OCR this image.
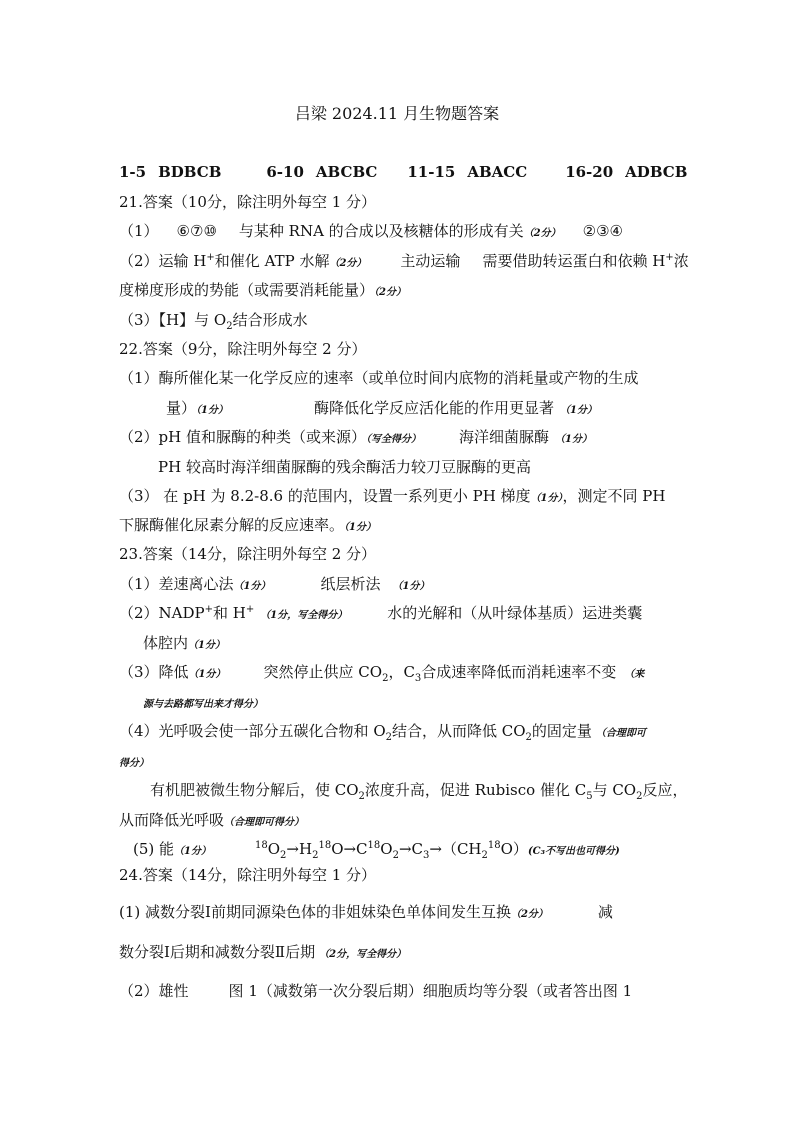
吕梁 2024.11 月生物题答案
1-5 BDBCB	6-10 ABCBC 11-15 ABACC	16-20 ADBCB
21.答案（10分，除注明外每空 1 分）
（1） ⑥⑦⑩ 与某种 RNA 的合成以及核糖体的形成有关（2分） ②③④
（2）运输 H+和催化 ATP 水解（2分） 主动运输 需要借助转运蛋白和依赖 H+浓
度梯度形成的势能（或需要消耗能量）（2分）
（3）【H】与 $O_2$结合形成水
22.答案（9分，除注明外每空 2 分）
（1）酶所催化某一化学反应的速率（或单位时间内底物的消耗量或产物的生成
量）（1分）	酶降低化学反应活化能的作用更显著 （1分）
（2）pH 值和脲酶的种类（或来源）（写全得分）	海洋细菌脲酶 （1分）
PH 较高时海洋细菌脲酶的残余酶活力较刀豆脲酶的更高
（3） 在 pH 为 8.2-8.6 的范围内，设置一系列更小 PH 梯度（1分），测定不同 PH
下脲酶催化尿素分解的反应速率。（1分）
23.答案（14分，除注明外每空 2 分）
（1）差速离心法（1分）	纸层析法 （1分）
（2）NADP+和 H+（1分，写全得分）	水的光解和（从叶绿体基质）运进类囊
体腔内（1分）
（3）降低（1分）	突然停止供应 $CO_2$，$C_3$合成速率降低而消耗速率不变 （来
源与去路都写出来才得分）
（4）光呼吸会使一部分五碳化合物和 $O_2$结合，从而降低 $CO_2$的固定量 （合理即可
得分）
有机肥被微生物分解后，使 $CO_2$浓度升高，促进 Rubisco 催化 $C_5$与 $CO_2$反应，
从而降低光呼吸（合理即可得分）
(5) 能（1分）$^{18}O_2\to H_2^{18}O\to C^{18}O_2\to C_3\to(CH_2^{18}O)(C_3$不写出也可得分)
24.答案（14分，除注明外每空 1 分）
(1) 减数分裂Ⅰ前期同源染色体的非姐妹染色单体间发生互换（2分）	减
数分裂Ⅰ后期和减数分裂Ⅱ后期 （2分，写全得分）
（2）雄性	图 1（减数第一次分裂后期）细胞质均等分裂（或者答出图 1
